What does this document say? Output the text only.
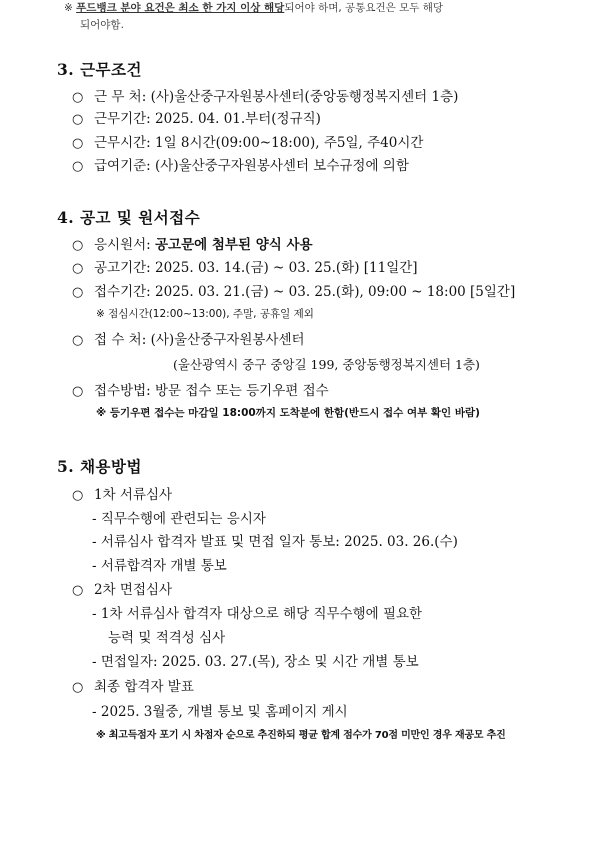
※ 푸드뱅크 분야 요건은 최소 한 가지 이상 해당되어야 하며, 공통요건은 모두 해당
되어야함.
3. 근무조건
○ 근 무 처: (사)울산중구자원봉사센터(중앙동행정복지센터 1층)
○ 근무기간: 2025. 04. 01.부터(정규직)
○ 근무시간: 1일 8시간(09:00~18:00), 주5일, 주40시간
○ 급여기준: (사)울산중구자원봉사센터 보수규정에 의함
4. 공고 및 원서접수
○ 응시원서: 공고문에 첨부된 양식 사용
○ 공고기간: 2025. 03. 14.(금) ~ 03. 25.(화) [11일간]
○ 접수기간: 2025. 03. 21.(금) ~ 03. 25.(화), 09:00 ~ 18:00 [5일간]
※ 점심시간(12:00~13:00), 주말, 공휴일 제외
○ 접 수 처: (사)울산중구자원봉사센터
(울산광역시 중구 중앙길 199, 중앙동행정복지센터 1층)
○ 접수방법: 방문 접수 또는 등기우편 접수
※ 등기우편 접수는 마감일 18:00까지 도착분에 한함(반드시 접수 여부 확인 바람)
5. 채용방법
○ 1차 서류심사
- 직무수행에 관련되는 응시자
- 서류심사 합격자 발표 및 면접 일자 통보: 2025. 03. 26.(수)
- 서류합격자 개별 통보
○ 2차 면접심사
- 1차 서류심사 합격자 대상으로 해당 직무수행에 필요한
능력 및 적격성 심사
- 면접일자: 2025. 03. 27.(목), 장소 및 시간 개별 통보
○ 최종 합격자 발표
- 2025. 3월중, 개별 통보 및 홈페이지 게시
※ 최고득점자 포기 시 차점자 순으로 추진하되 평균 합계 점수가 70점 미만인 경우 재공모 추진
